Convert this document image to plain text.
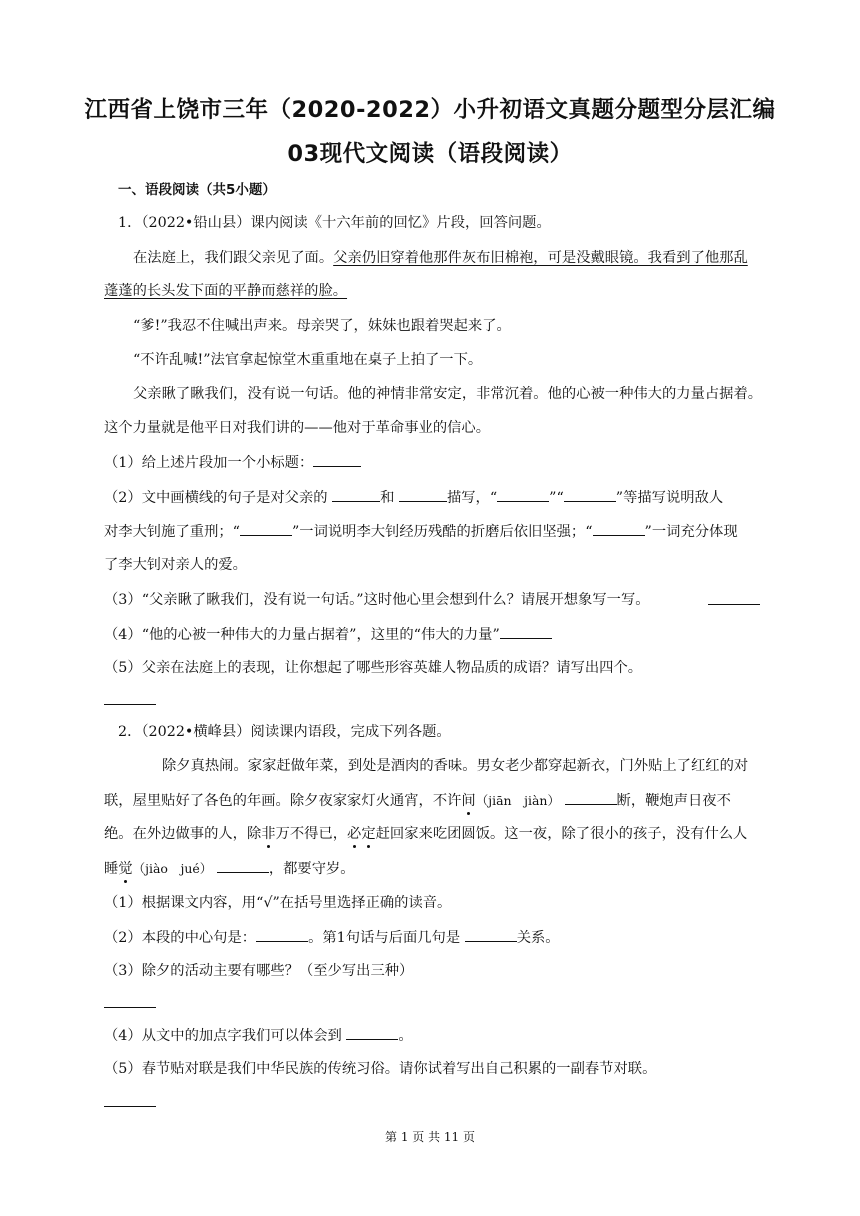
江西省上饶市三年（2020-2022）小升初语文真题分题型分层汇编
03现代文阅读（语段阅读）
一、语段阅读（共5小题）
1．（2022•铅山县）课内阅读《十六年前的回忆》片段，回答问题。
在法庭上，我们跟父亲见了面。父亲仍旧穿着他那件灰布旧棉袍，可是没戴眼镜。我看到了他那乱
蓬蓬的长头发下面的平静而慈祥的脸。
“爹!”我忍不住喊出声来。母亲哭了，妹妹也跟着哭起来了。
“不许乱喊!”法官拿起惊堂木重重地在桌子上拍了一下。
父亲瞅了瞅我们，没有说一句话。他的神情非常安定，非常沉着。他的心被一种伟大的力量占据着。
这个力量就是他平日对我们讲的——他对于革命事业的信心。
（1）给上述片段加一个小标题：
（2）文中画横线的句子是对父亲的	和	描写，“	”“	”等描写说明敌人
对李大钊施了重刑；“	”一词说明李大钊经历残酷的折磨后依旧坚强；“	”一词充分体现
了李大钊对亲人的爱。
（3）“父亲瞅了瞅我们，没有说一句话。”这时他心里会想到什么？请展开想象写一写。
（4）“他的心被一种伟大的力量占据着”，这里的“伟大的力量”
（5）父亲在法庭上的表现，让你想起了哪些形容英雄人物品质的成语？请写出四个。
2．（2022•横峰县）阅读课内语段，完成下列各题。
除夕真热闹。家家赶做年菜，到处是酒肉的香味。男女老少都穿起新衣，门外贴上了红红的对
联，屋里贴好了各色的年画。除夕夜家家灯火通宵，不许间（jiān　jiàn）	断，鞭炮声日夜不
绝。在外边做事的人，除非万不得已，必定赶回家来吃团圆饭。这一夜，除了很小的孩子，没有什么人
睡觉（jiào　jué）	，都要守岁。
（1）根据课文内容，用“√”在括号里选择正确的读音。
（2）本段的中心句是：	。第1句话与后面几句是	关系。
（3）除夕的活动主要有哪些？（至少写出三种）
（4）从文中的加点字我们可以体会到	。
（5）春节贴对联是我们中华民族的传统习俗。请你试着写出自己积累的一副春节对联。
第 1 页 共 11 页
